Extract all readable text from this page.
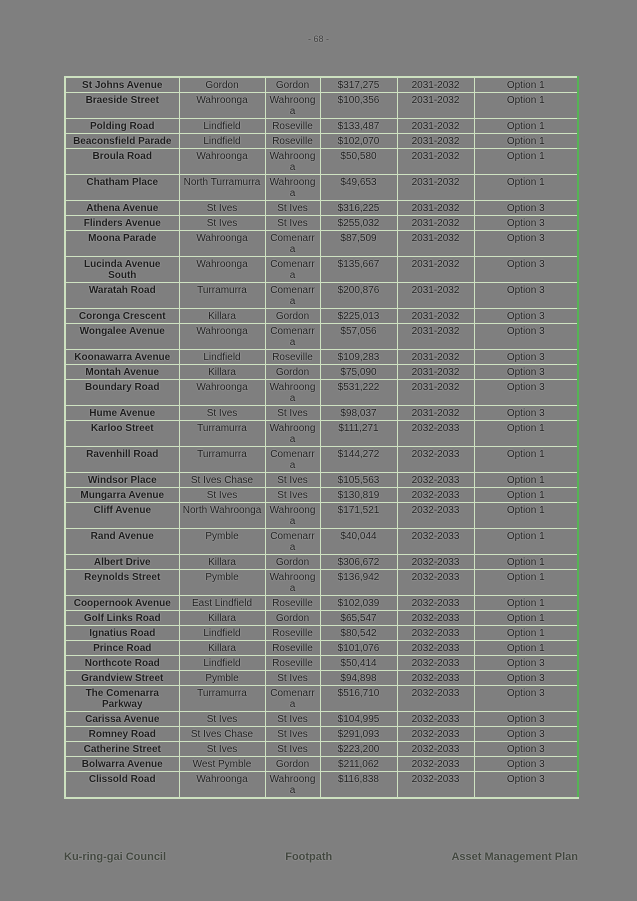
- 68 -
St Johns Avenue	Gordon	Gordon	$317,275	2031-2032	Option 1
Braeside Street	Wahroonga	Wahroonga	$100,356	2031-2032	Option 1
Polding Road	Lindfield	Roseville	$133,487	2031-2032	Option 1
Beaconsfield Parade	Lindfield	Roseville	$102,070	2031-2032	Option 1
Broula Road	Wahroonga	Wahroonga	$50,580	2031-2032	Option 1
Chatham Place	North Turramurra	Wahroonga	$49,653	2031-2032	Option 1
Athena Avenue	St Ives	St Ives	$316,225	2031-2032	Option 3
Flinders Avenue	St Ives	St Ives	$255,032	2031-2032	Option 3
Moona Parade	Wahroonga	Comenarra	$87,509	2031-2032	Option 3
Lucinda Avenue South	Wahroonga	Comenarra	$135,667	2031-2032	Option 3
Waratah Road	Turramurra	Comenarra	$200,876	2031-2032	Option 3
Coronga Crescent	Killara	Gordon	$225,013	2031-2032	Option 3
Wongalee Avenue	Wahroonga	Comenarra	$57,056	2031-2032	Option 3
Koonawarra Avenue	Lindfield	Roseville	$109,283	2031-2032	Option 3
Montah Avenue	Killara	Gordon	$75,090	2031-2032	Option 3
Boundary Road	Wahroonga	Wahroonga	$531,222	2031-2032	Option 3
Hume Avenue	St Ives	St Ives	$98,037	2031-2032	Option 3
Karloo Street	Turramurra	Wahroonga	$111,271	2032-2033	Option 1
Ravenhill Road	Turramurra	Comenarra	$144,272	2032-2033	Option 1
Windsor Place	St Ives Chase	St Ives	$105,563	2032-2033	Option 1
Mungarra Avenue	St Ives	St Ives	$130,819	2032-2033	Option 1
Cliff Avenue	North Wahroonga	Wahroonga	$171,521	2032-2033	Option 1
Rand Avenue	Pymble	Comenarra	$40,044	2032-2033	Option 1
Albert Drive	Killara	Gordon	$306,672	2032-2033	Option 1
Reynolds Street	Pymble	Wahroonga	$136,942	2032-2033	Option 1
Coopernook Avenue	East Lindfield	Roseville	$102,039	2032-2033	Option 1
Golf Links Road	Killara	Gordon	$65,547	2032-2033	Option 1
Ignatius Road	Lindfield	Roseville	$80,542	2032-2033	Option 1
Prince Road	Killara	Roseville	$101,076	2032-2033	Option 1
Northcote Road	Lindfield	Roseville	$50,414	2032-2033	Option 3
Grandview Street	Pymble	St Ives	$94,898	2032-2033	Option 3
The Comenarra Parkway	Turramurra	Comenarra	$516,710	2032-2033	Option 3
Carissa Avenue	St Ives	St Ives	$104,995	2032-2033	Option 3
Romney Road	St Ives Chase	St Ives	$291,093	2032-2033	Option 3
Catherine Street	St Ives	St Ives	$223,200	2032-2033	Option 3
Bolwarra Avenue	West Pymble	Gordon	$211,062	2032-2033	Option 3
Clissold Road	Wahroonga	Wahroonga	$116,838	2032-2033	Option 3
Ku-ring-gai Council	Footpath	Asset Management Plan
